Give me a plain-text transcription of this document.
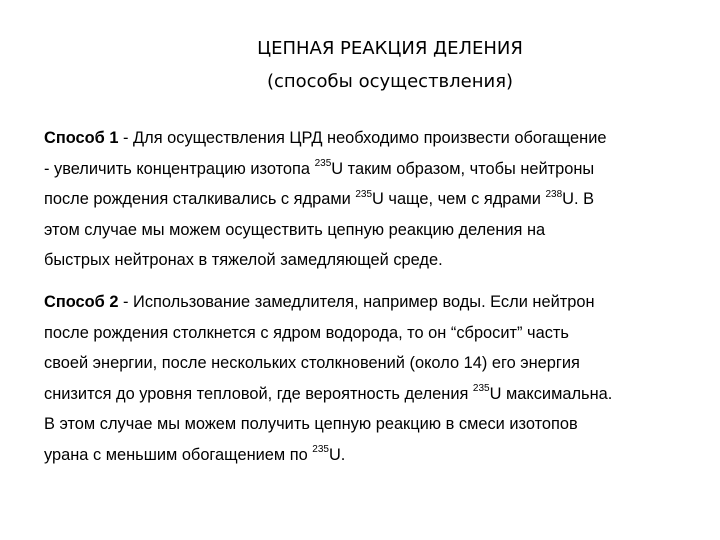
ЦЕПНАЯ РЕАКЦИЯ ДЕЛЕНИЯ
(способы осуществления)
Способ 1 - Для осуществления ЦРД необходимо произвести обогащение
- увеличить концентрацию изотопа $^{235}$U таким образом, чтобы нейтроны
после рождения сталкивались с ядрами $^{235}$U чаще, чем с ядрами $^{238}$U. В
этом случае мы можем осуществить цепную реакцию деления на
быстрых нейтронах в тяжелой замедляющей среде.
Способ 2 - Использование замедлителя, например воды. Если нейтрон
после рождения столкнется с ядром водорода, то он “сбросит” часть
своей энергии, после нескольких столкновений (около 14) его энергия
снизится до уровня тепловой, где вероятность деления $^{235}$U максимальна.
В этом случае мы можем получить цепную реакцию в смеси изотопов
урана с меньшим обогащением по $^{235}$U.
